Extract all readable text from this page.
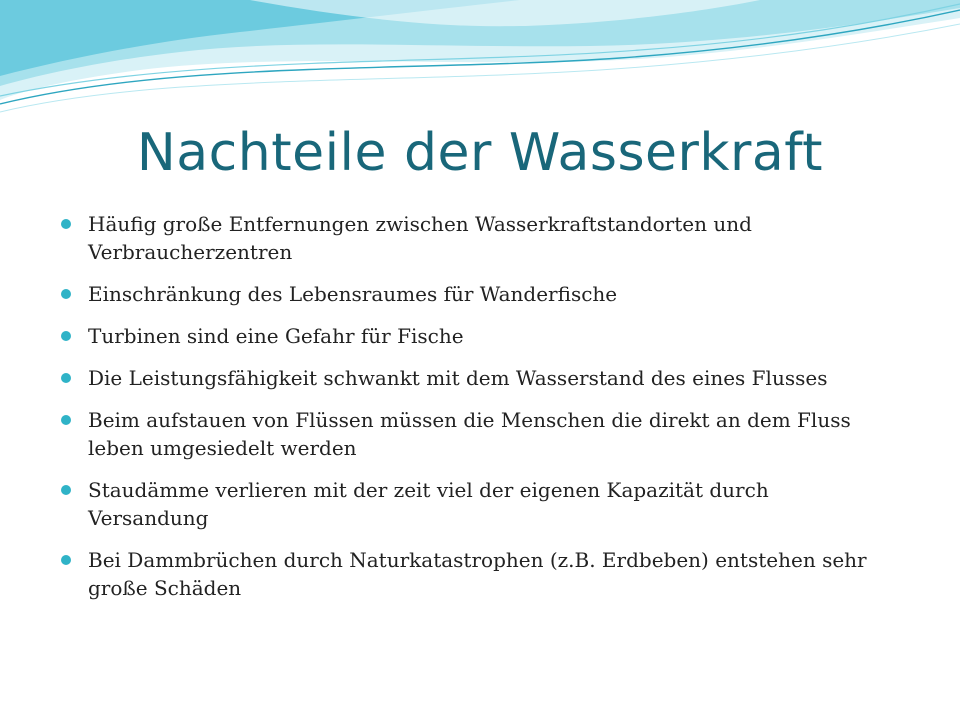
Nachteile der Wasserkraft
Häufig große Entfernungen zwischen Wasserkraftstandorten und Verbraucherzentren
Einschränkung des Lebensraumes für Wanderfische
Turbinen sind eine Gefahr für Fische
Die Leistungsfähigkeit schwankt mit dem Wasserstand des eines Flusses
Beim aufstauen von Flüssen müssen die Menschen die direkt an dem Fluss leben umgesiedelt werden
Staudämme verlieren mit der zeit viel der eigenen Kapazität durch Versandung
Bei Dammbrüchen durch Naturkatastrophen (z.B. Erdbeben) entstehen sehr große Schäden
